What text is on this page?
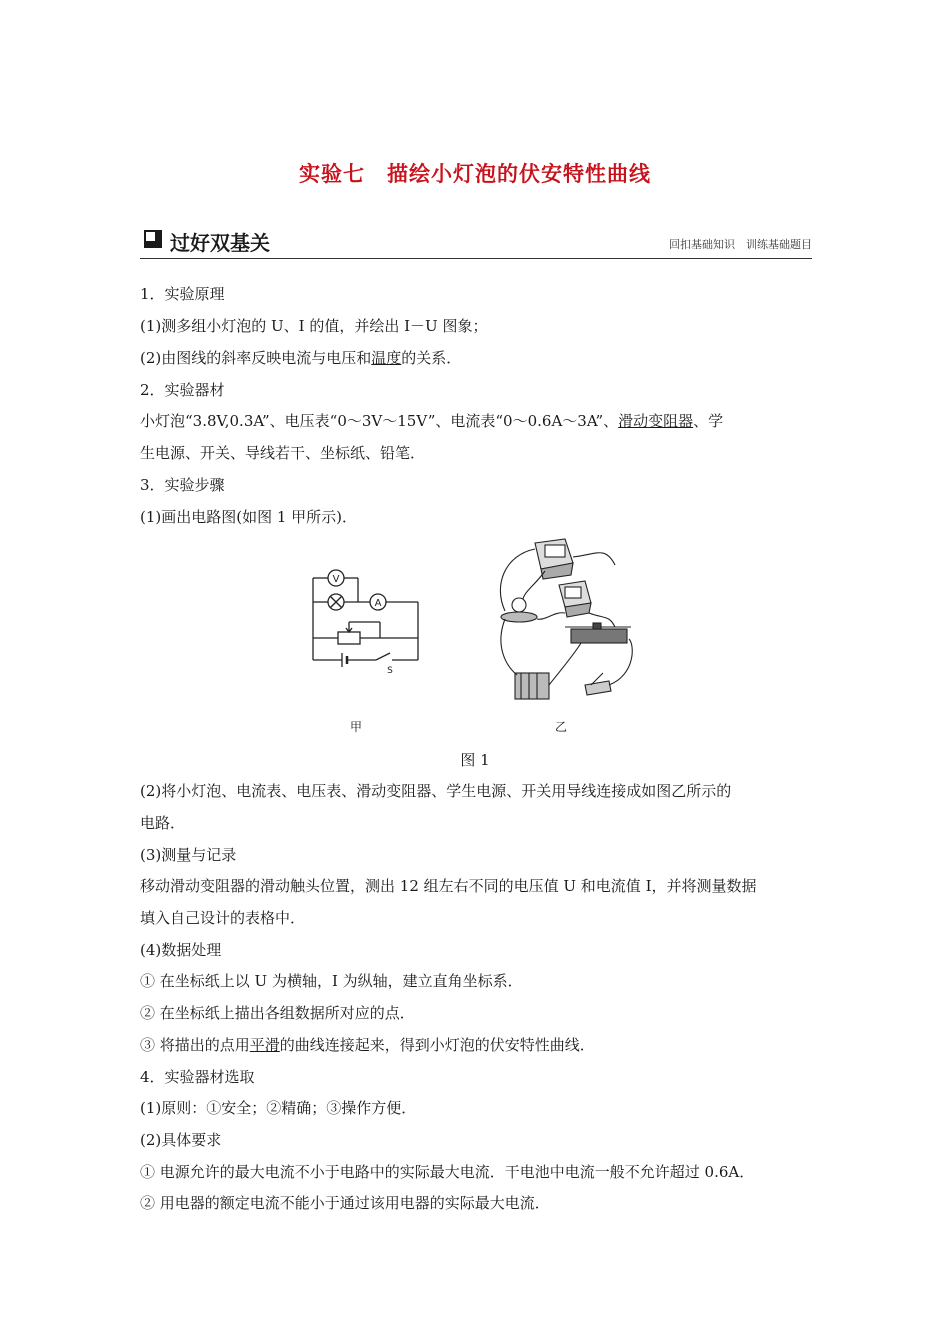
实验七　描绘小灯泡的伏安特性曲线
过好双基关	回扣基础知识　训练基础题目
1．实验原理
(1)测多组小灯泡的 U、I 的值，并绘出 I－U 图象；
(2)由图线的斜率反映电流与电压和温度的关系．
2．实验器材
小灯泡“3.8V,0.3A”、电压表“0～3V～15V”、电流表“0～0.6A～3A”、滑动变阻器、学
生电源、开关、导线若干、坐标纸、铅笔．
3．实验步骤
(1)画出电路图(如图 1 甲所示)．
V
A
S
甲	乙
图 1
(2)将小灯泡、电流表、电压表、滑动变阻器、学生电源、开关用导线连接成如图乙所示的
电路．
(3)测量与记录
移动滑动变阻器的滑动触头位置，测出 12 组左右不同的电压值 U 和电流值 I，并将测量数据
填入自己设计的表格中．
(4)数据处理
① 在坐标纸上以 U 为横轴，I 为纵轴，建立直角坐标系．
② 在坐标纸上描出各组数据所对应的点．
③ 将描出的点用平滑的曲线连接起来，得到小灯泡的伏安特性曲线．
4．实验器材选取
(1)原则：①安全；②精确；③操作方便．
(2)具体要求
① 电源允许的最大电流不小于电路中的实际最大电流．干电池中电流一般不允许超过 0.6A．
② 用电器的额定电流不能小于通过该用电器的实际最大电流．
